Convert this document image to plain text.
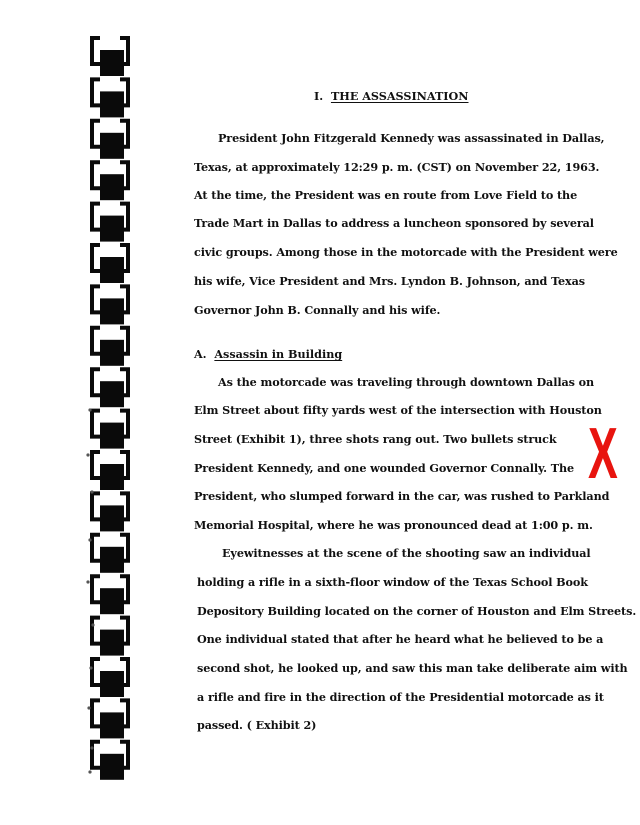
I. THE ASSASSINATION
President John Fitzgerald Kennedy was assassinated in Dallas,
Texas, at approximately 12:29 p. m. (CST) on November 22, 1963.
At the time, the President was en route from Love Field to the
Trade Mart in Dallas to address a luncheon sponsored by several
civic groups. Among those in the motorcade with the President were
his wife, Vice President and Mrs. Lyndon B. Johnson, and Texas
Governor John B. Connally and his wife.
A. Assassin in Building
As the motorcade was traveling through downtown Dallas on
Elm Street about fifty yards west of the intersection with Houston
Street (Exhibit 1), three shots rang out. Two bullets struck
President Kennedy, and one wounded Governor Connally. The
President, who slumped forward in the car, was rushed to Parkland
Memorial Hospital, where he was pronounced dead at 1:00 p. m.
Eyewitnesses at the scene of the shooting saw an individual
holding a rifle in a sixth-floor window of the Texas School Book
Depository Building located on the corner of Houston and Elm Streets.
One individual stated that after he heard what he believed to be a
second shot, he looked up, and saw this man take deliberate aim with
a rifle and fire in the direction of the Presidential motorcade as it
passed. ( Exhibit 2)
X
